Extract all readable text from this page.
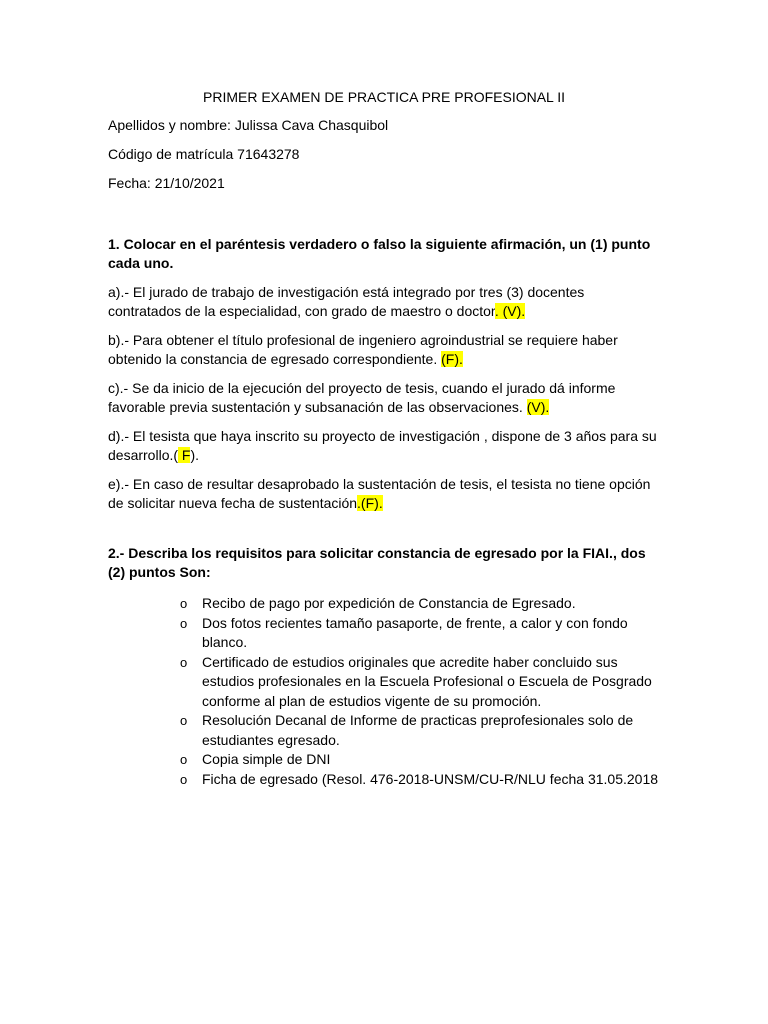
PRIMER EXAMEN DE PRACTICA PRE PROFESIONAL II

Apellidos y nombre: Julissa Cava Chasquibol

Código de matrícula 71643278

Fecha: 21/10/2021

1. Colocar en el paréntesis verdadero o falso la siguiente afirmación, un (1) punto cada uno.

a).- El jurado de trabajo de investigación está integrado por tres (3) docentes contratados de la especialidad, con grado de maestro o doctor. (V).

b).- Para obtener el título profesional de ingeniero agroindustrial se requiere haber obtenido la constancia de egresado correspondiente. (F).

c).- Se da inicio de la ejecución del proyecto de tesis, cuando el jurado dá informe favorable previa sustentación y subsanación de las observaciones. (V).

d).- El tesista que haya inscrito su proyecto de investigación , dispone de 3 años para su desarrollo.( F).

e).- En caso de resultar desaprobado la sustentación de tesis, el tesista no tiene opción de solicitar nueva fecha de sustentación.(F).

2.- Describa los requisitos para solicitar constancia de egresado por la FIAI., dos (2) puntos Son:

o Recibo de pago por expedición de Constancia de Egresado.
o Dos fotos recientes tamaño pasaporte, de frente, a calor y con fondo blanco.
o Certificado de estudios originales que acredite haber concluido sus estudios profesionales en la Escuela Profesional o Escuela de Posgrado conforme al plan de estudios vigente de su promoción.
o Resolución Decanal de Informe de practicas preprofesionales solo de estudiantes egresado.
o Copia simple de DNI
o Ficha de egresado (Resol. 476-2018-UNSM/CU-R/NLU fecha 31.05.2018
